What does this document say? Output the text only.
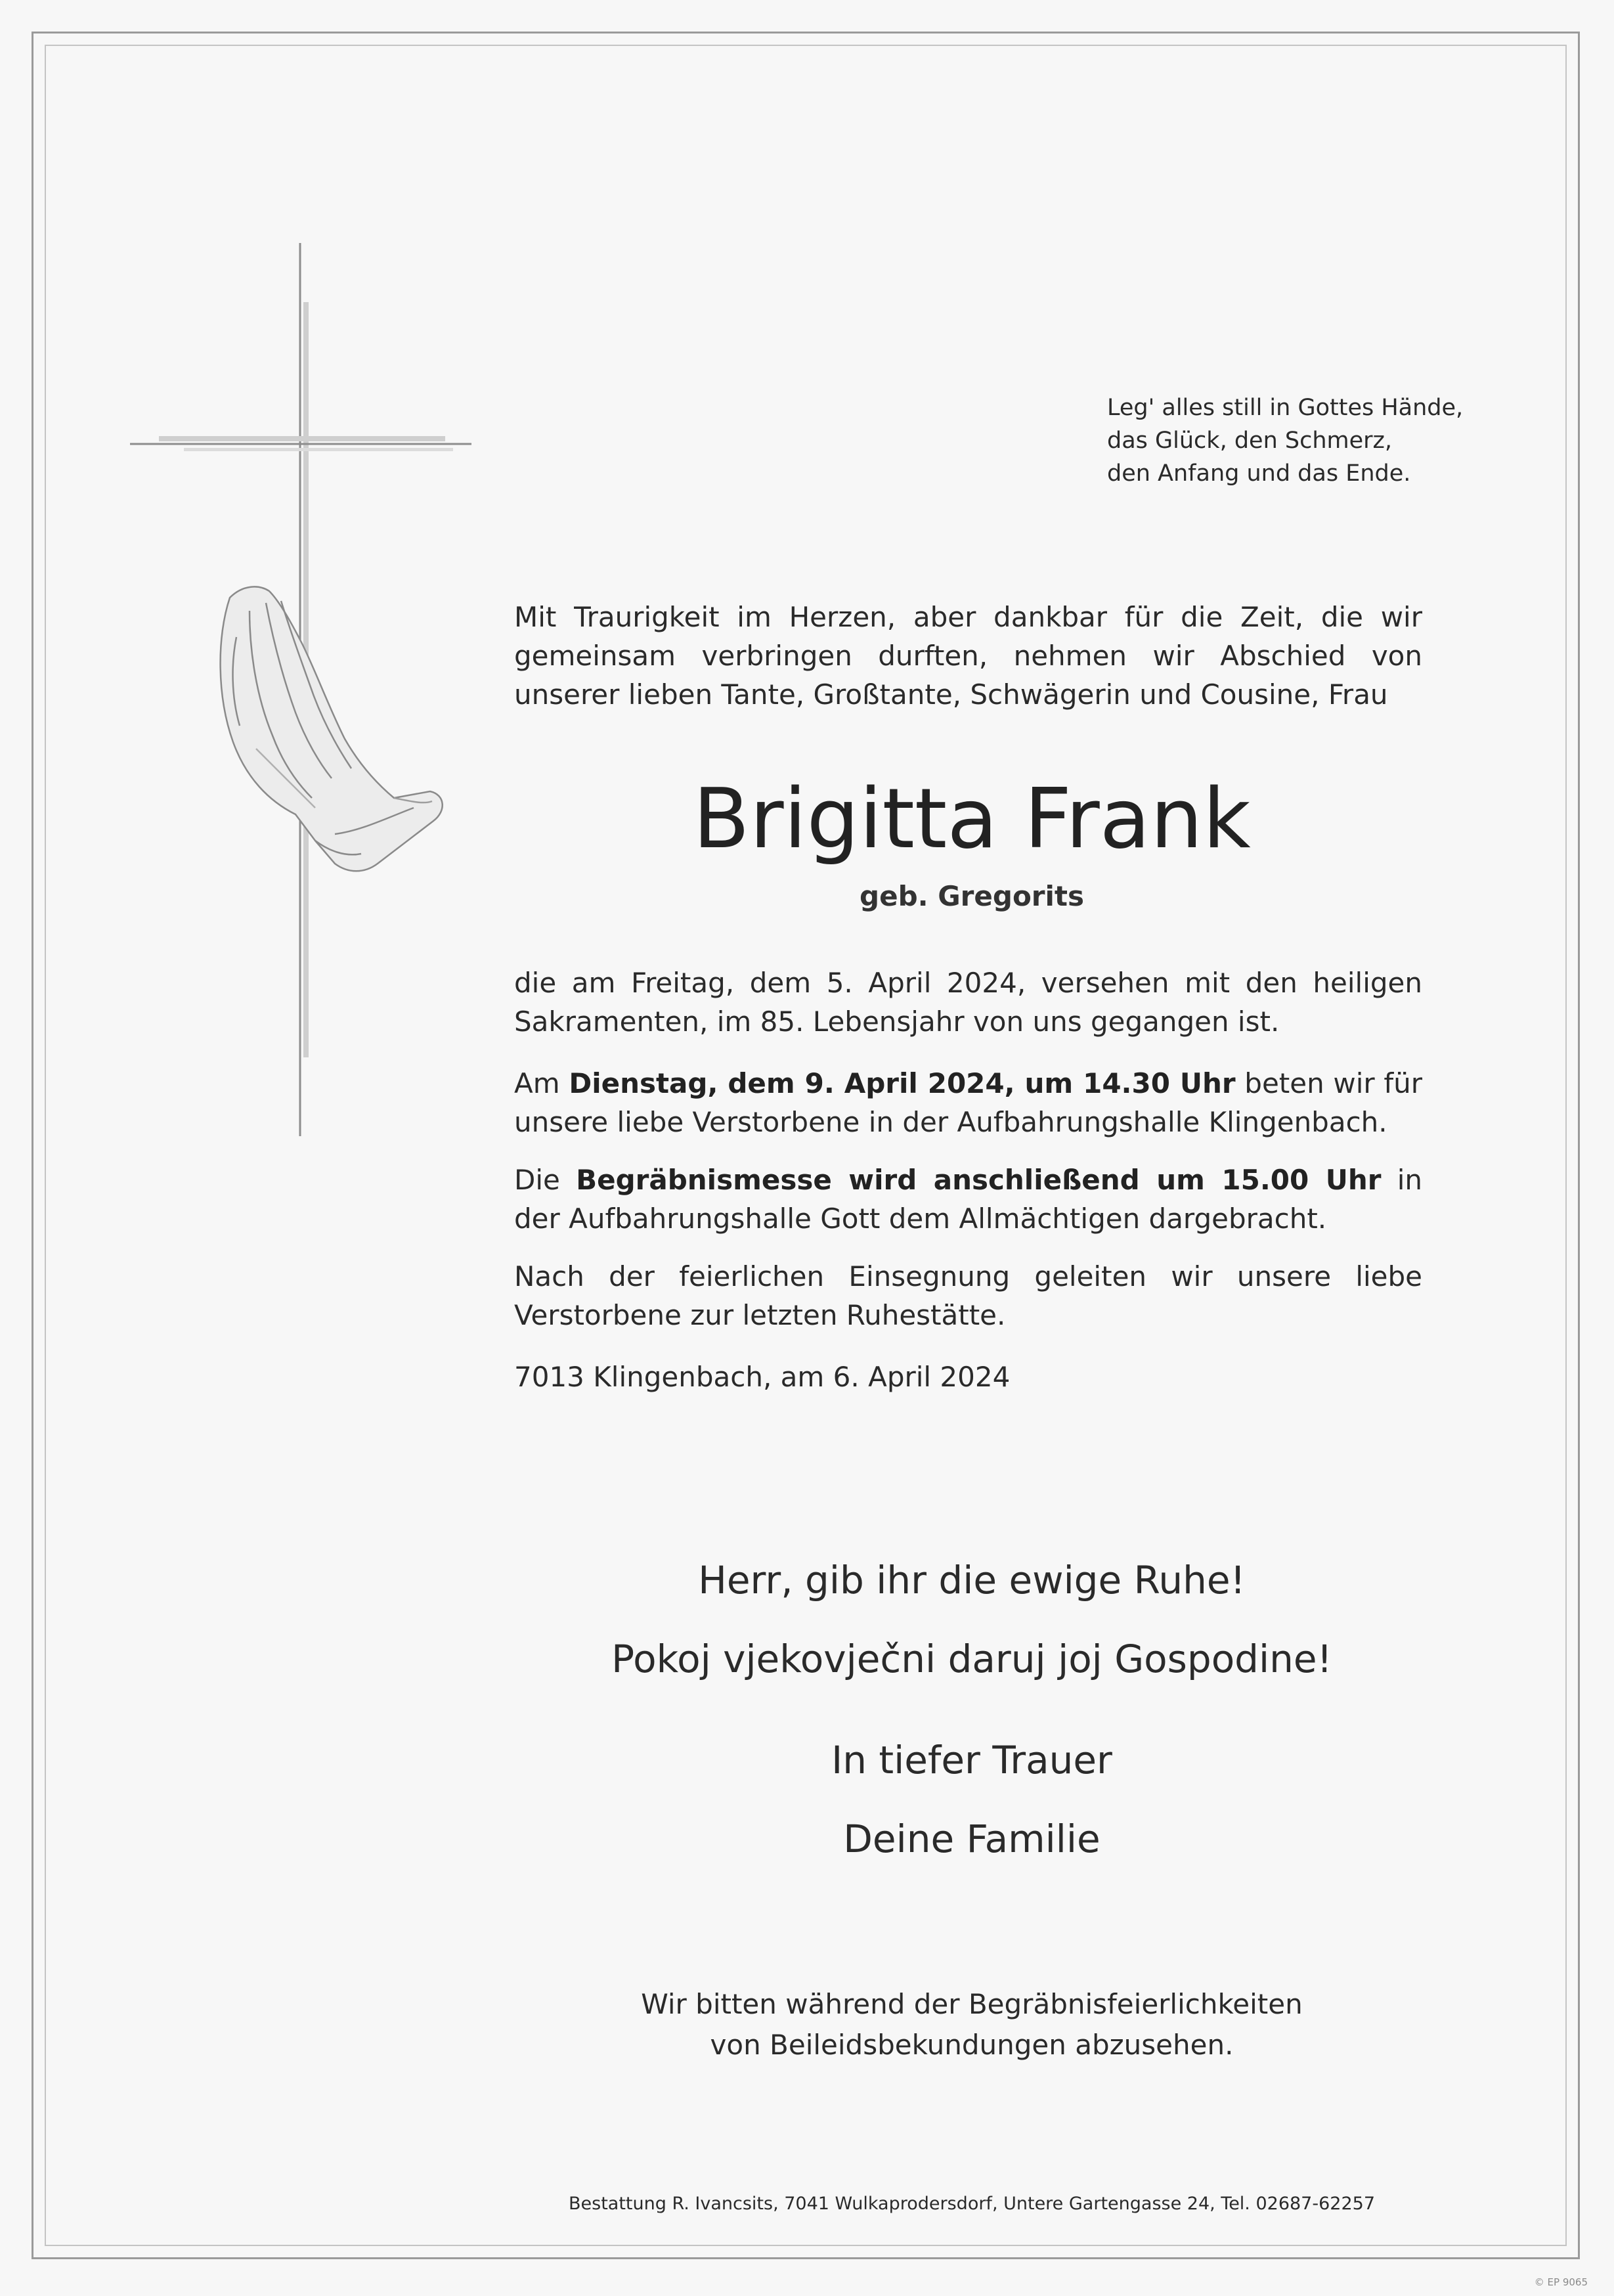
Leg' alles still in Gottes Hände,
das Glück, den Schmerz,
den Anfang und das Ende.

Mit Traurigkeit im Herzen, aber dankbar für die Zeit, die wir gemeinsam verbringen durften, nehmen wir Abschied von unserer lieben Tante, Großtante, Schwägerin und Cousine, Frau

Brigitta Frank
geb. Gregorits

die am Freitag, dem 5. April 2024, versehen mit den heiligen Sakramenten, im 85. Lebensjahr von uns gegangen ist.

Am Dienstag, dem 9. April 2024, um 14.30 Uhr beten wir für unsere liebe Verstorbene in der Aufbahrungshalle Klingenbach.

Die Begräbnismesse wird anschließend um 15.00 Uhr in der Aufbahrungshalle Gott dem Allmächtigen dargebracht.

Nach der feierlichen Einsegnung geleiten wir unsere liebe Verstorbene zur letzten Ruhestätte.

7013 Klingenbach, am 6. April 2024

Herr, gib ihr die ewige Ruhe!
Pokoj vjekovječni daruj joj Gospodine!
In tiefer Trauer
Deine Familie
Wir bitten während der Begräbnisfeierlichkeiten
von Beileidsbekundungen abzusehen.
Bestattung R. Ivancsits, 7041 Wulkaprodersdorf, Untere Gartengasse 24, Tel. 02687-62257
© EP 9065
